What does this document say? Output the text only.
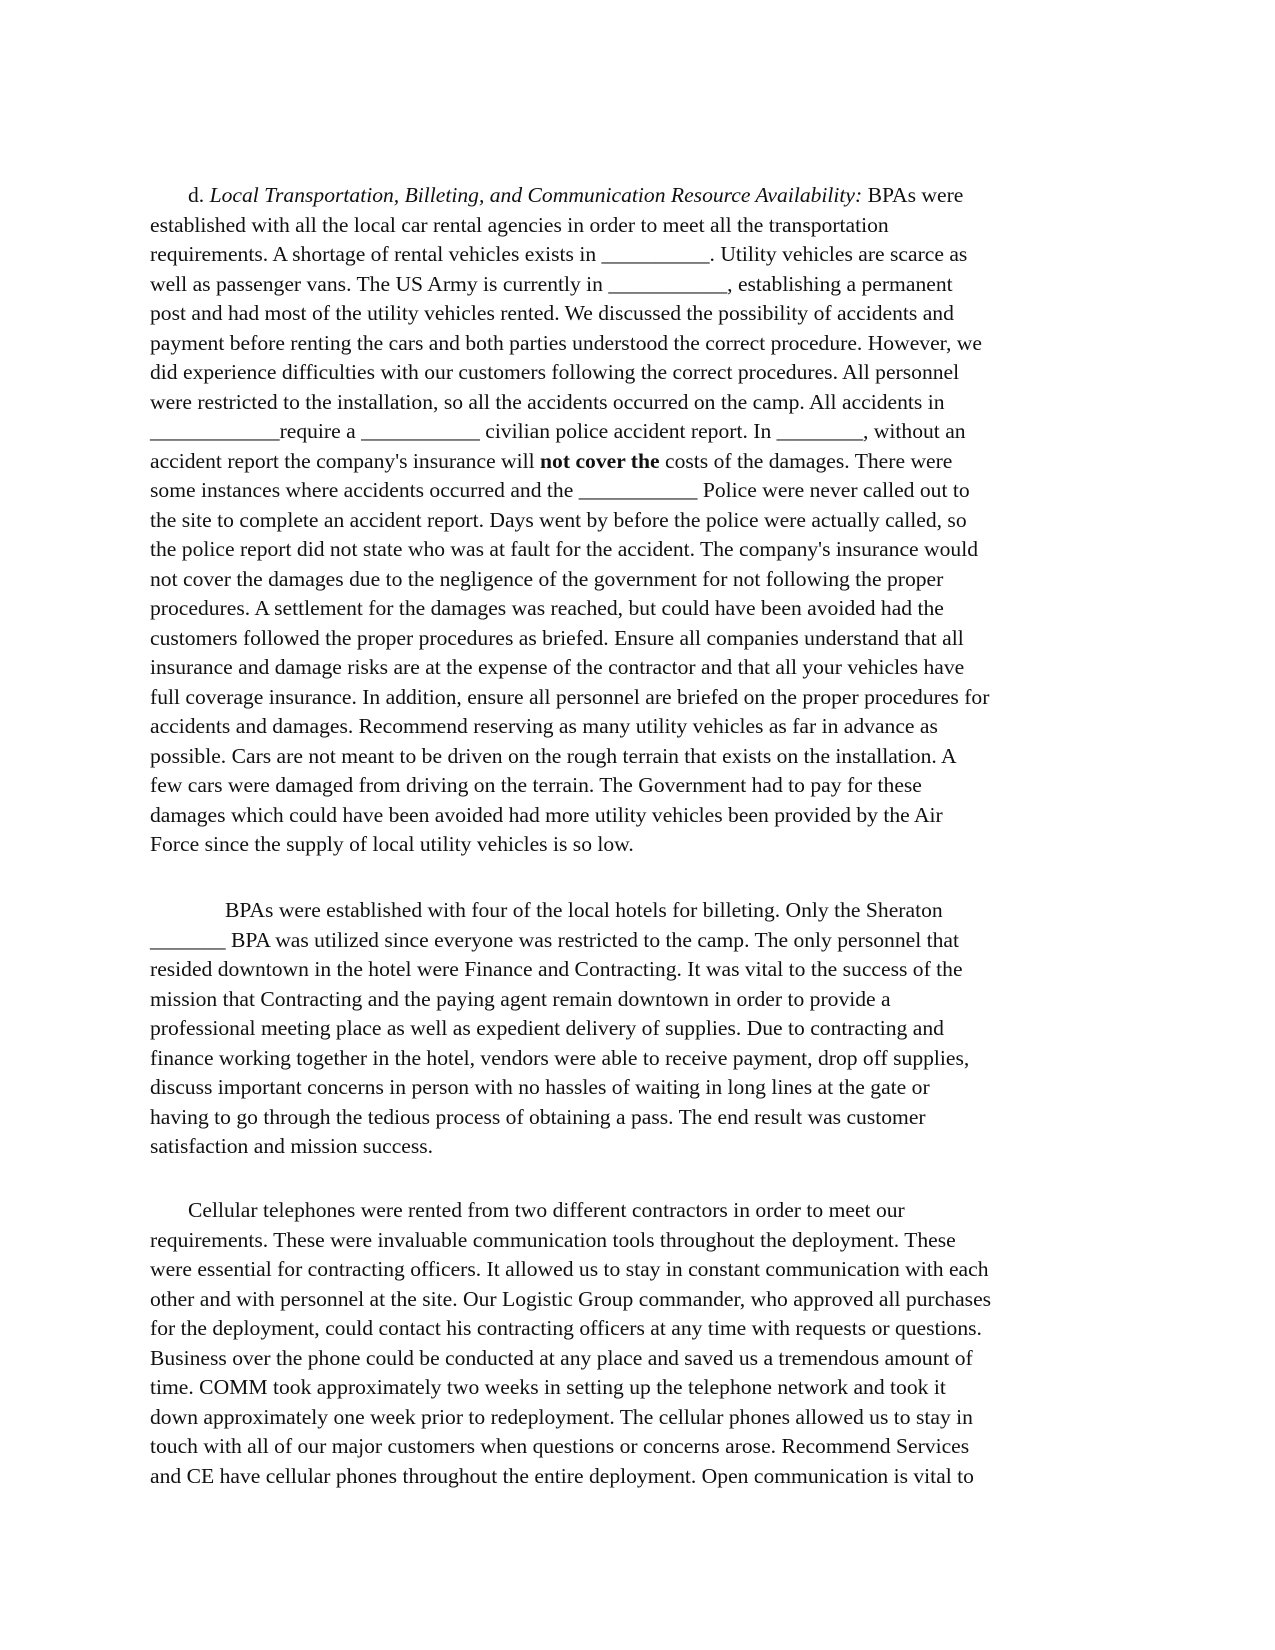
d. Local Transportation, Billeting, and Communication Resource Availability: BPAs were
established with all the local car rental agencies in order to meet all the transportation
requirements. A shortage of rental vehicles exists in __________. Utility vehicles are scarce as
well as passenger vans. The US Army is currently in ___________, establishing a permanent
post and had most of the utility vehicles rented. We discussed the possibility of accidents and
payment before renting the cars and both parties understood the correct procedure. However, we
did experience difficulties with our customers following the correct procedures. All personnel
were restricted to the installation, so all the accidents occurred on the camp. All accidents in
____________require a ___________ civilian police accident report. In ________, without an
accident report the company's insurance will not cover the costs of the damages. There were
some instances where accidents occurred and the ___________ Police were never called out to
the site to complete an accident report. Days went by before the police were actually called, so
the police report did not state who was at fault for the accident. The company's insurance would
not cover the damages due to the negligence of the government for not following the proper
procedures. A settlement for the damages was reached, but could have been avoided had the
customers followed the proper procedures as briefed. Ensure all companies understand that all
insurance and damage risks are at the expense of the contractor and that all your vehicles have
full coverage insurance. In addition, ensure all personnel are briefed on the proper procedures for
accidents and damages. Recommend reserving as many utility vehicles as far in advance as
possible. Cars are not meant to be driven on the rough terrain that exists on the installation. A
few cars were damaged from driving on the terrain. The Government had to pay for these
damages which could have been avoided had more utility vehicles been provided by the Air
Force since the supply of local utility vehicles is so low.
BPAs were established with four of the local hotels for billeting. Only the Sheraton
_______ BPA was utilized since everyone was restricted to the camp. The only personnel that
resided downtown in the hotel were Finance and Contracting. It was vital to the success of the
mission that Contracting and the paying agent remain downtown in order to provide a
professional meeting place as well as expedient delivery of supplies. Due to contracting and
finance working together in the hotel, vendors were able to receive payment, drop off supplies,
discuss important concerns in person with no hassles of waiting in long lines at the gate or
having to go through the tedious process of obtaining a pass. The end result was customer
satisfaction and mission success.
Cellular telephones were rented from two different contractors in order to meet our
requirements. These were invaluable communication tools throughout the deployment. These
were essential for contracting officers. It allowed us to stay in constant communication with each
other and with personnel at the site. Our Logistic Group commander, who approved all purchases
for the deployment, could contact his contracting officers at any time with requests or questions.
Business over the phone could be conducted at any place and saved us a tremendous amount of
time. COMM took approximately two weeks in setting up the telephone network and took it
down approximately one week prior to redeployment. The cellular phones allowed us to stay in
touch with all of our major customers when questions or concerns arose. Recommend Services
and CE have cellular phones throughout the entire deployment. Open communication is vital to
